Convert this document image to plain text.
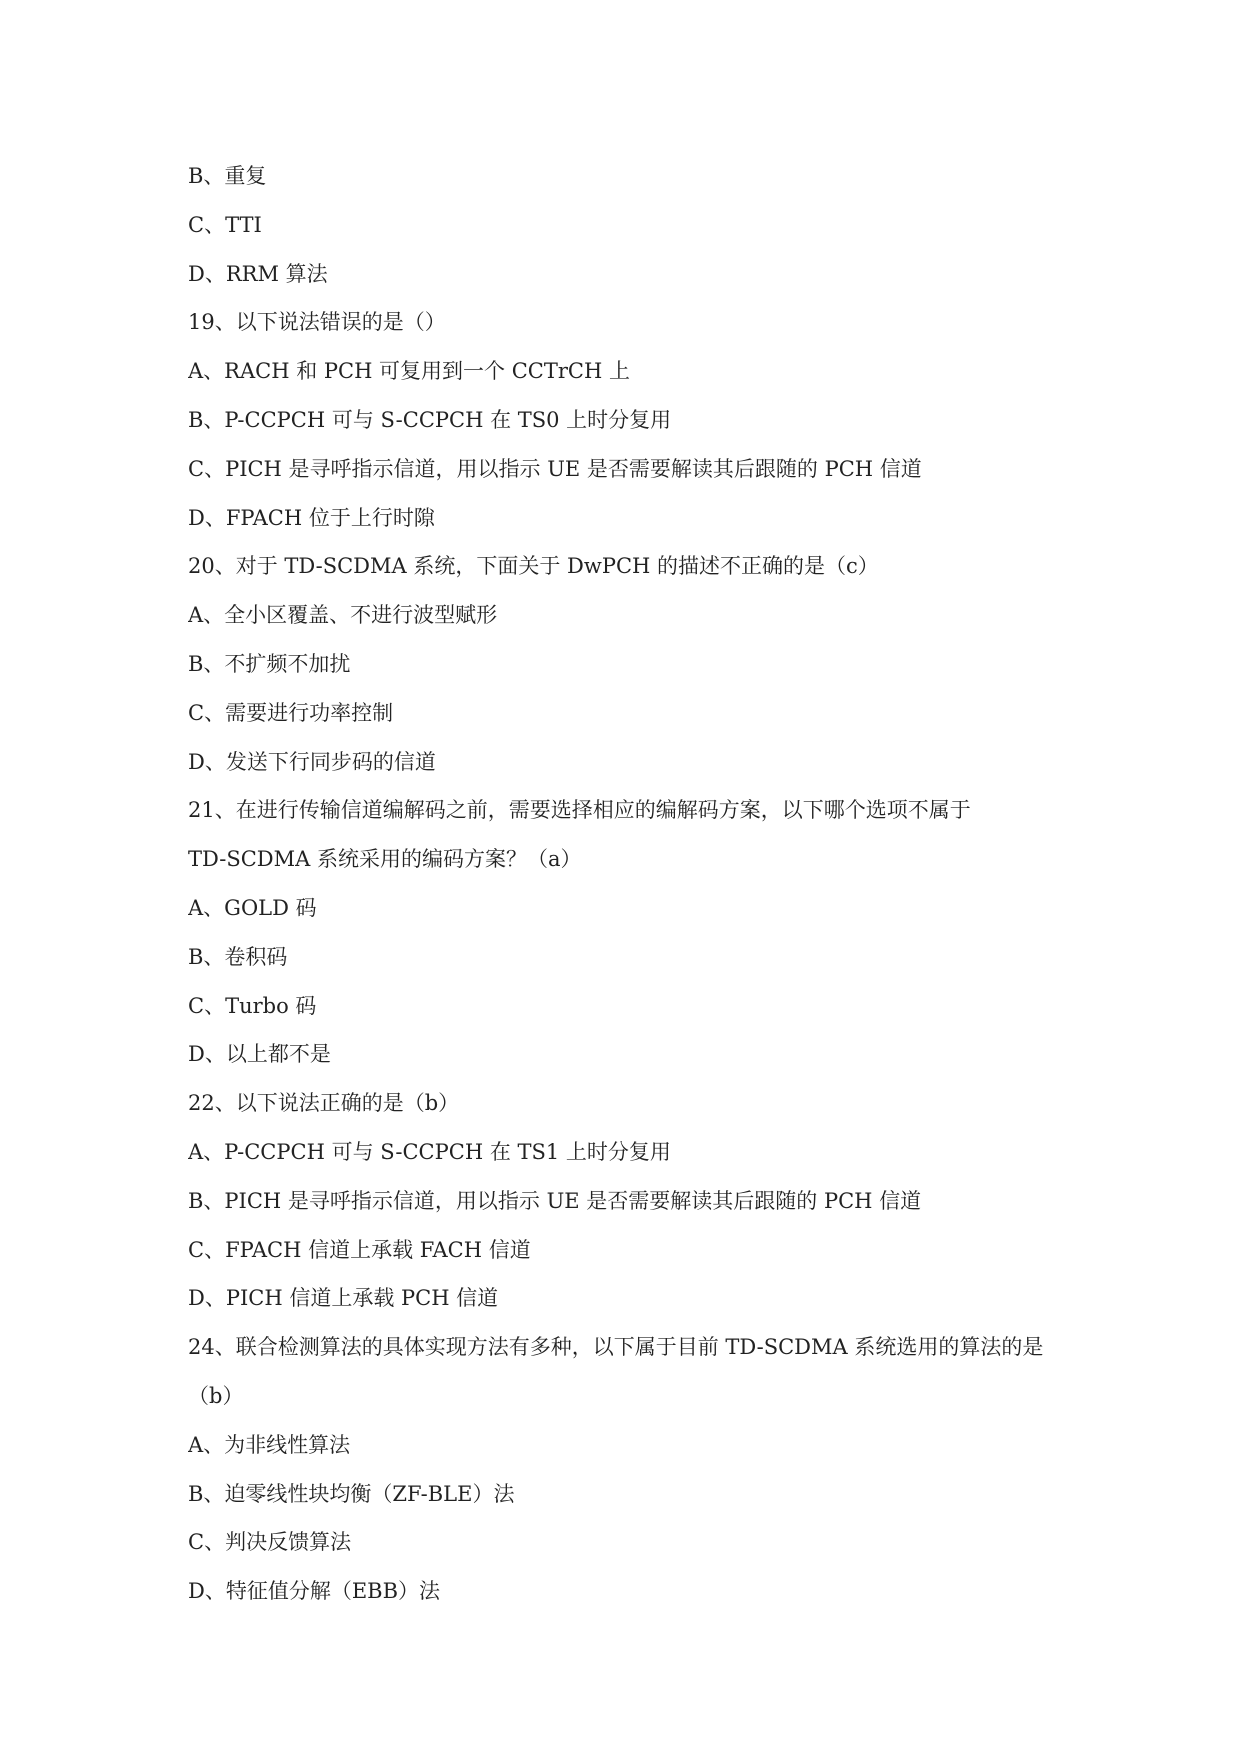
B、重复
C、TTI
D、RRM 算法
19、以下说法错误的是（）
A、RACH 和 PCH 可复用到一个 CCTrCH 上
B、P-CCPCH 可与 S-CCPCH 在 TS0 上时分复用
C、PICH 是寻呼指示信道，用以指示 UE 是否需要解读其后跟随的 PCH 信道
D、FPACH 位于上行时隙
20、对于 TD-SCDMA 系统，下面关于 DwPCH 的描述不正确的是（c）
A、全小区覆盖、不进行波型赋形
B、不扩频不加扰
C、需要进行功率控制
D、发送下行同步码的信道
21、在进行传输信道编解码之前，需要选择相应的编解码方案，以下哪个选项不属于
TD-SCDMA 系统采用的编码方案？（a）
A、GOLD 码
B、卷积码
C、Turbo 码
D、以上都不是
22、以下说法正确的是（b）
A、P-CCPCH 可与 S-CCPCH 在 TS1 上时分复用
B、PICH 是寻呼指示信道，用以指示 UE 是否需要解读其后跟随的 PCH 信道
C、FPACH 信道上承载 FACH 信道
D、PICH 信道上承载 PCH 信道
24、联合检测算法的具体实现方法有多种，以下属于目前 TD-SCDMA 系统选用的算法的是
（b）
A、为非线性算法
B、迫零线性块均衡（ZF-BLE）法
C、判决反馈算法
D、特征值分解（EBB）法
